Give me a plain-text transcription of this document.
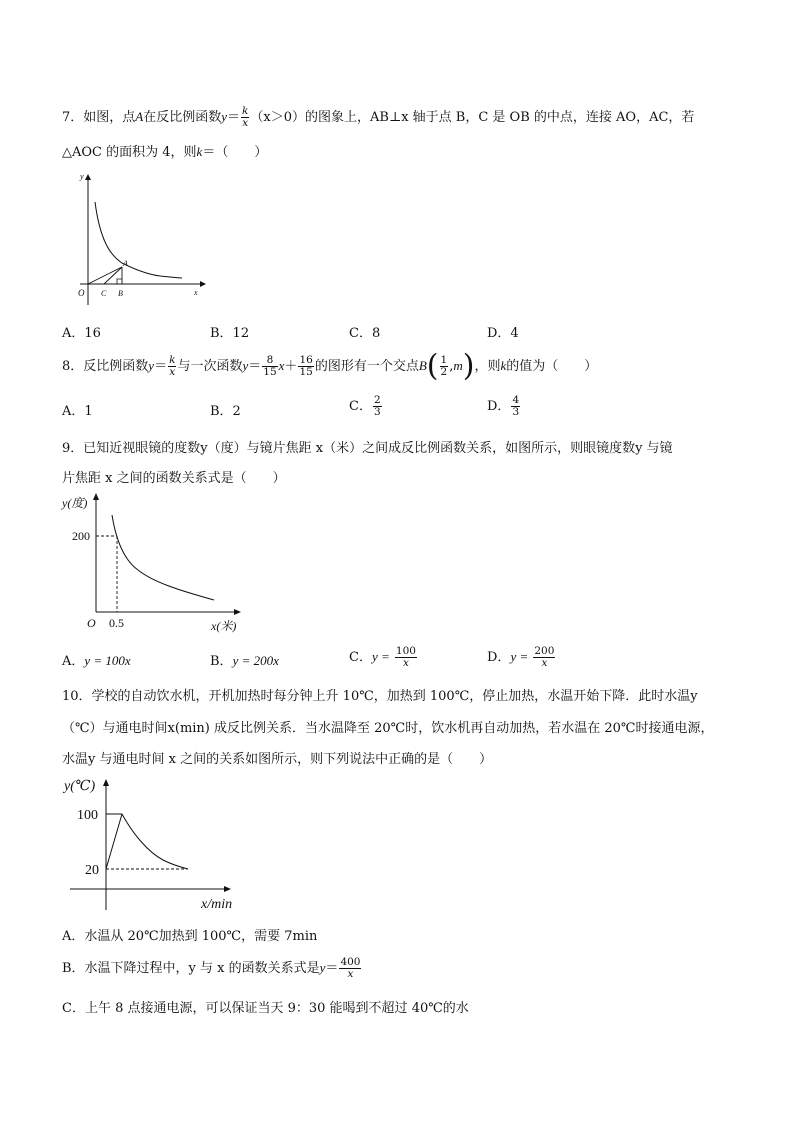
7．如图，点A在反比例函数$y= \frac{k}{x} (x>0)$的图象上，AB⊥x 轴于点 B，C 是 OB 的中点，连接 AO，AC，若
△AOC 的面积为 4，则k＝（　　）
y
x
O C B
A
A．16	B．12	C．8	D．4
8．反比例函数$y= \frac{k}{x}$ 与一次函数$y= \frac{8}{15} x+ \frac{16}{15}$ 的图形有一个交点$B( \frac{1}{2} ,m)$，则k的值为（　　）
A．1	B．2	C． $\frac{2}{3}$	D． $\frac{4}{3}$
9．已知近视眼镜的度数y（度）与镜片焦距 x（米）之间成反比例函数关系，如图所示，则眼镜度数y 与镜
片焦距 x 之间的函数关系式是（　　）
y(度)
200
O 0.5	x(米)
A．y = 100x	B．y = 200x	C．$y = \frac{100}{x}$	D．$y = \frac{200}{x}$
10．学校的自动饮水机，开机加热时每分钟上升 10℃，加热到 100℃，停止加热，水温开始下降．此时水温y
（℃）与通电时间x(min) 成反比例关系．当水温降至 20℃时，饮水机再自动加热，若水温在 20℃时接通电源，
水温y 与通电时间 x 之间的关系如图所示，则下列说法中正确的是（　　）
y(℃)
100
20
x/min
A．水温从 20℃加热到 100℃，需要 7min
B．水温下降过程中，y 与 x 的函数关系式是$y= \frac{400}{x}$
C．上午 8 点接通电源，可以保证当天 9：30 能喝到不超过 40℃的水
